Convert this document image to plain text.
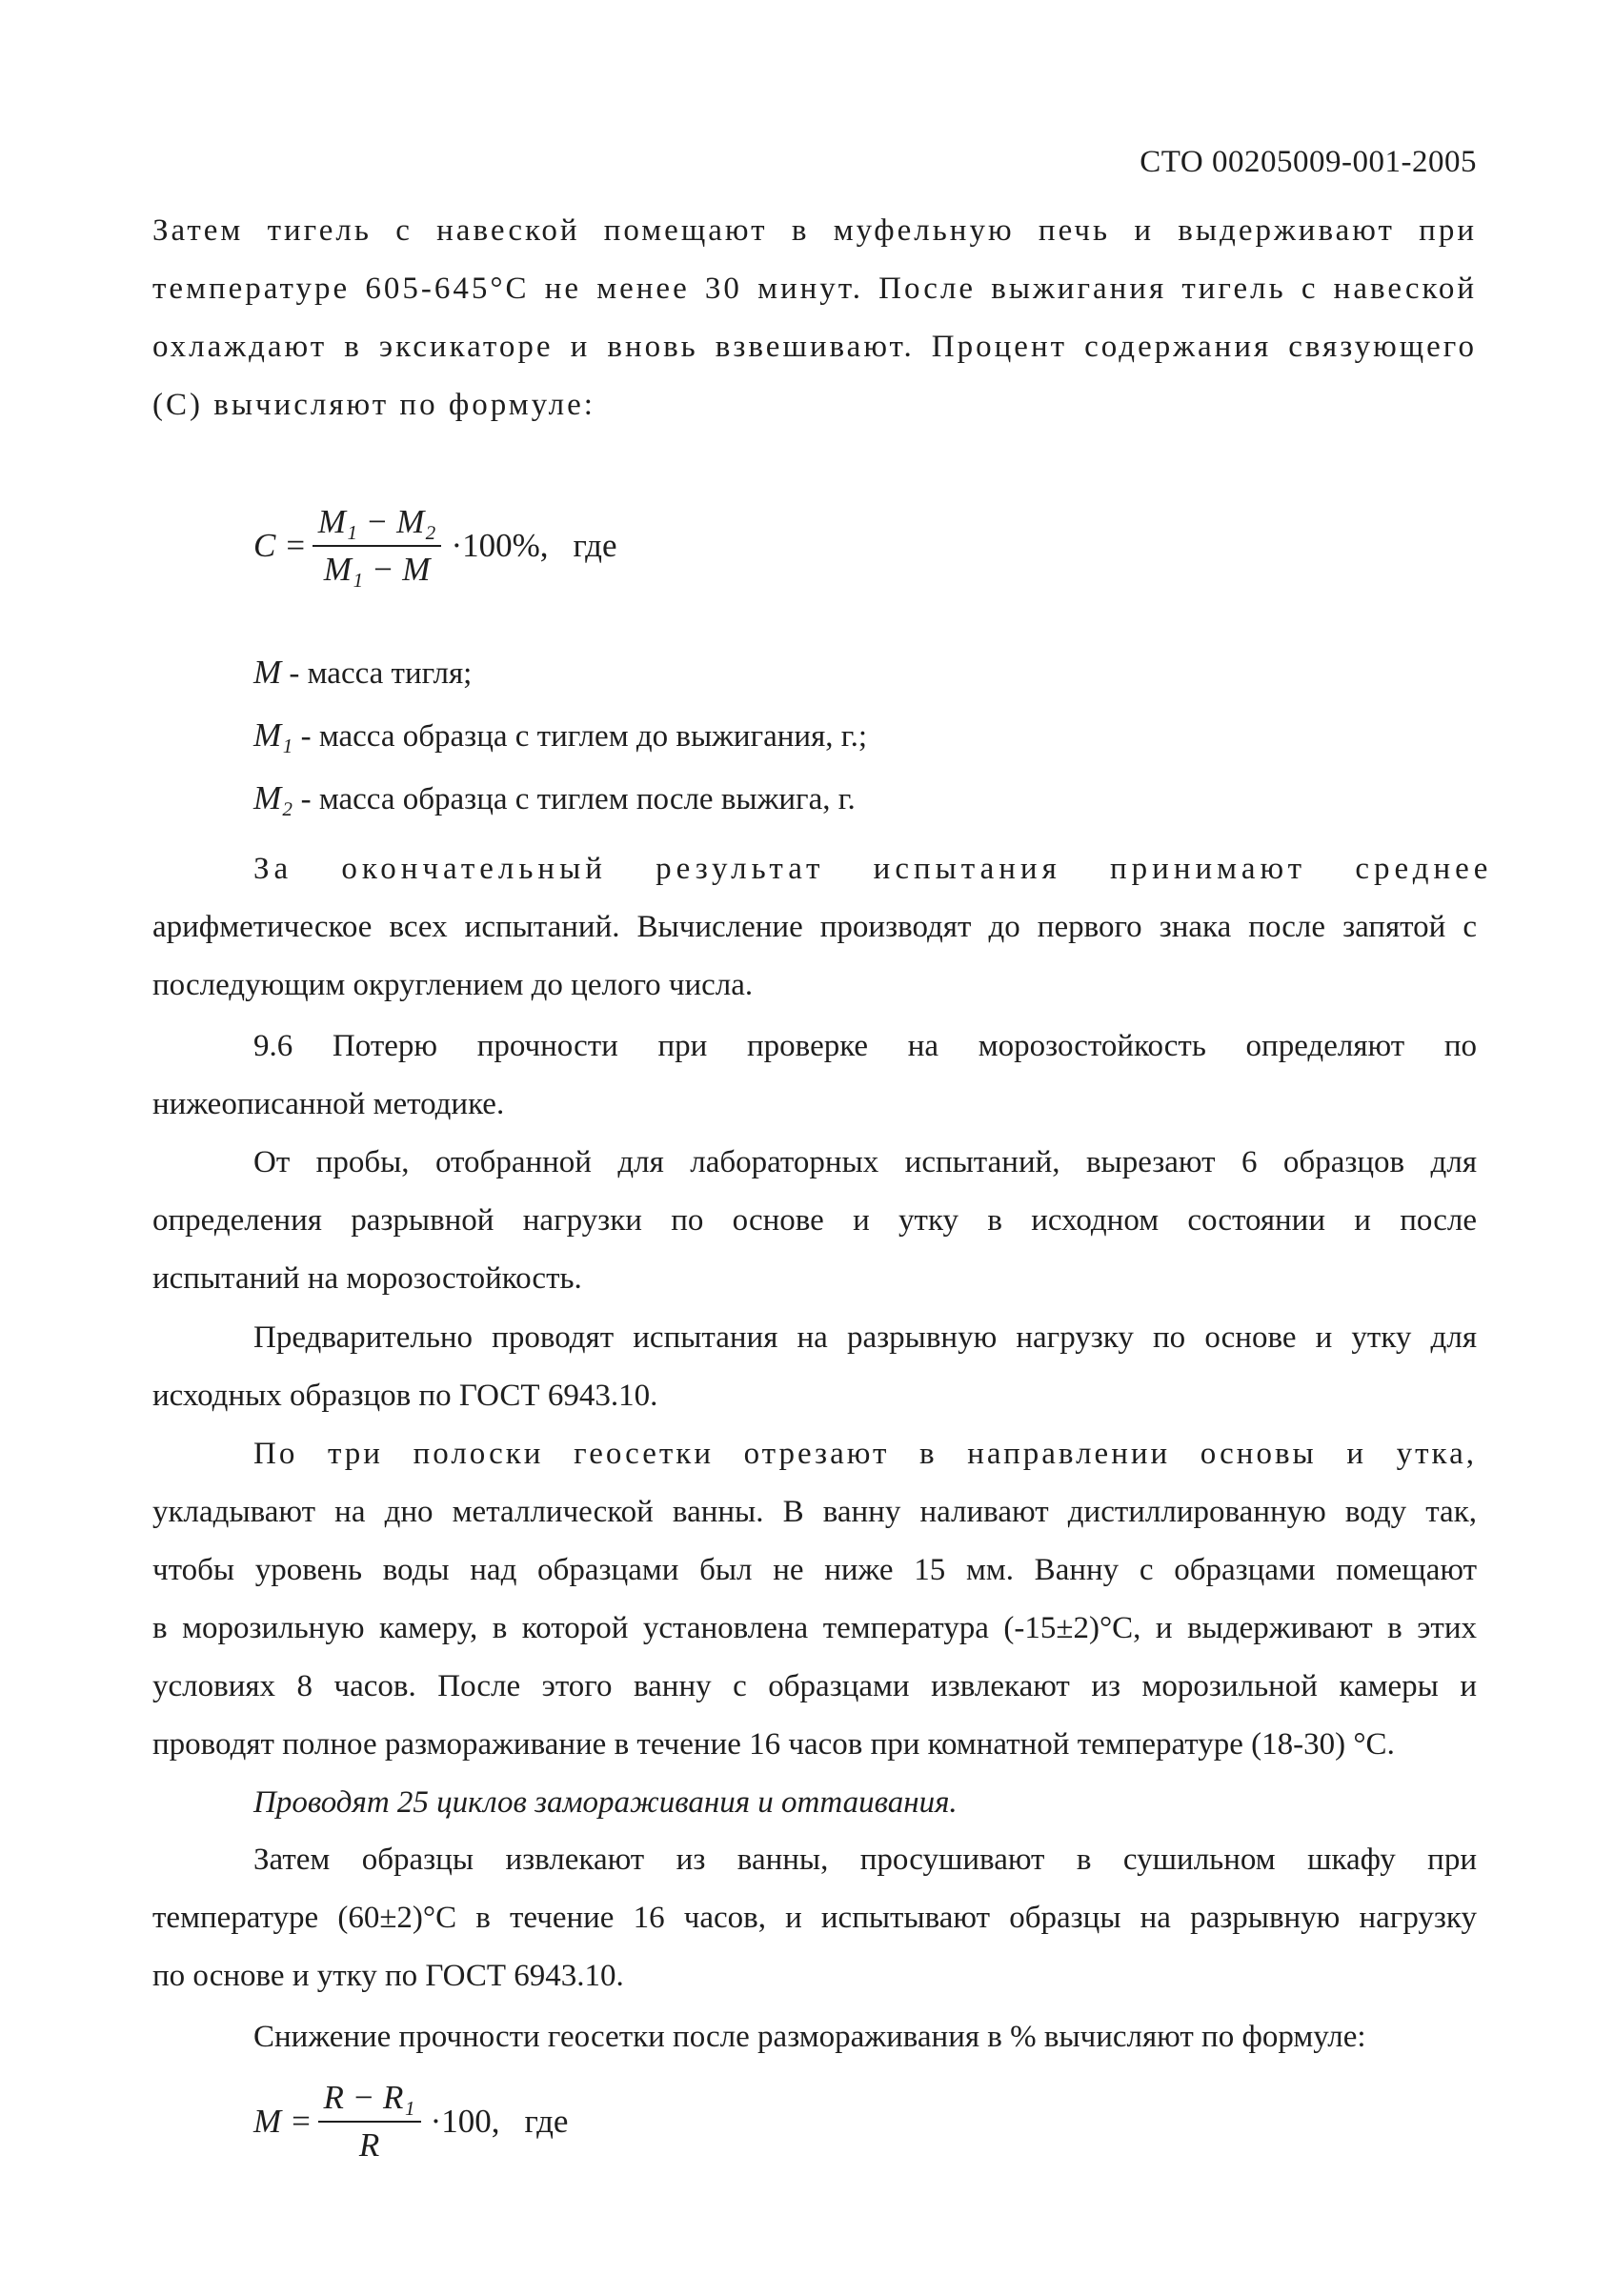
СТО 00205009-001-2005
Затем тигель с навеской помещают в муфельную печь и выдерживают при
температуре 605-645°С не менее 30 минут. После выжигания тигель с навеской
охлаждают в эксикаторе и вновь взвешивают. Процент содержания связующего
(С) вычисляют по формуле:
$C = \frac{\text{M₁ − M₂}}{\text{M₁ − M}} \cdot 100\%$, где
M - масса тигля;
M₁ - масса образца с тиглем до выжигания, г.;
M₂ - масса образца с тиглем после выжига, г.
За окончательный результат испытания принимают среднее
арифметическое всех испытаний. Вычисление производят до первого знака после запятой с
последующим округлением до целого числа.
9.6 Потерю прочности при проверке на морозостойкость определяют по
нижеописанной методике.
От пробы, отобранной для лабораторных испытаний, вырезают 6 образцов для
определения разрывной нагрузки по основе и утку в исходном состоянии и после
испытаний на морозостойкость.
Предварительно проводят испытания на разрывную нагрузку по основе и утку для
исходных образцов по ГОСТ 6943.10.
По три полоски геосетки отрезают в направлении основы и утка,
укладывают на дно металлической ванны. В ванну наливают дистиллированную воду так,
чтобы уровень воды над образцами был не ниже 15 мм. Ванну с образцами помещают
в морозильную камеру, в которой установлена температура (-15±2)°С, и выдерживают в этих
условиях 8 часов. После этого ванну с образцами извлекают из морозильной камеры и
проводят полное размораживание в течение 16 часов при комнатной температуре (18-30) °С.
Проводят 25 циклов замораживания и оттаивания.
Затем образцы извлекают из ванны, просушивают в сушильном шкафу при
температуре (60±2)°С в течение 16 часов, и испытывают образцы на разрывную нагрузку
по основе и утку по ГОСТ 6943.10.
Снижение прочности геосетки после размораживания в % вычисляют по формуле:
$M = \frac{\text{R − R₁}}{R} \cdot 100$, где
